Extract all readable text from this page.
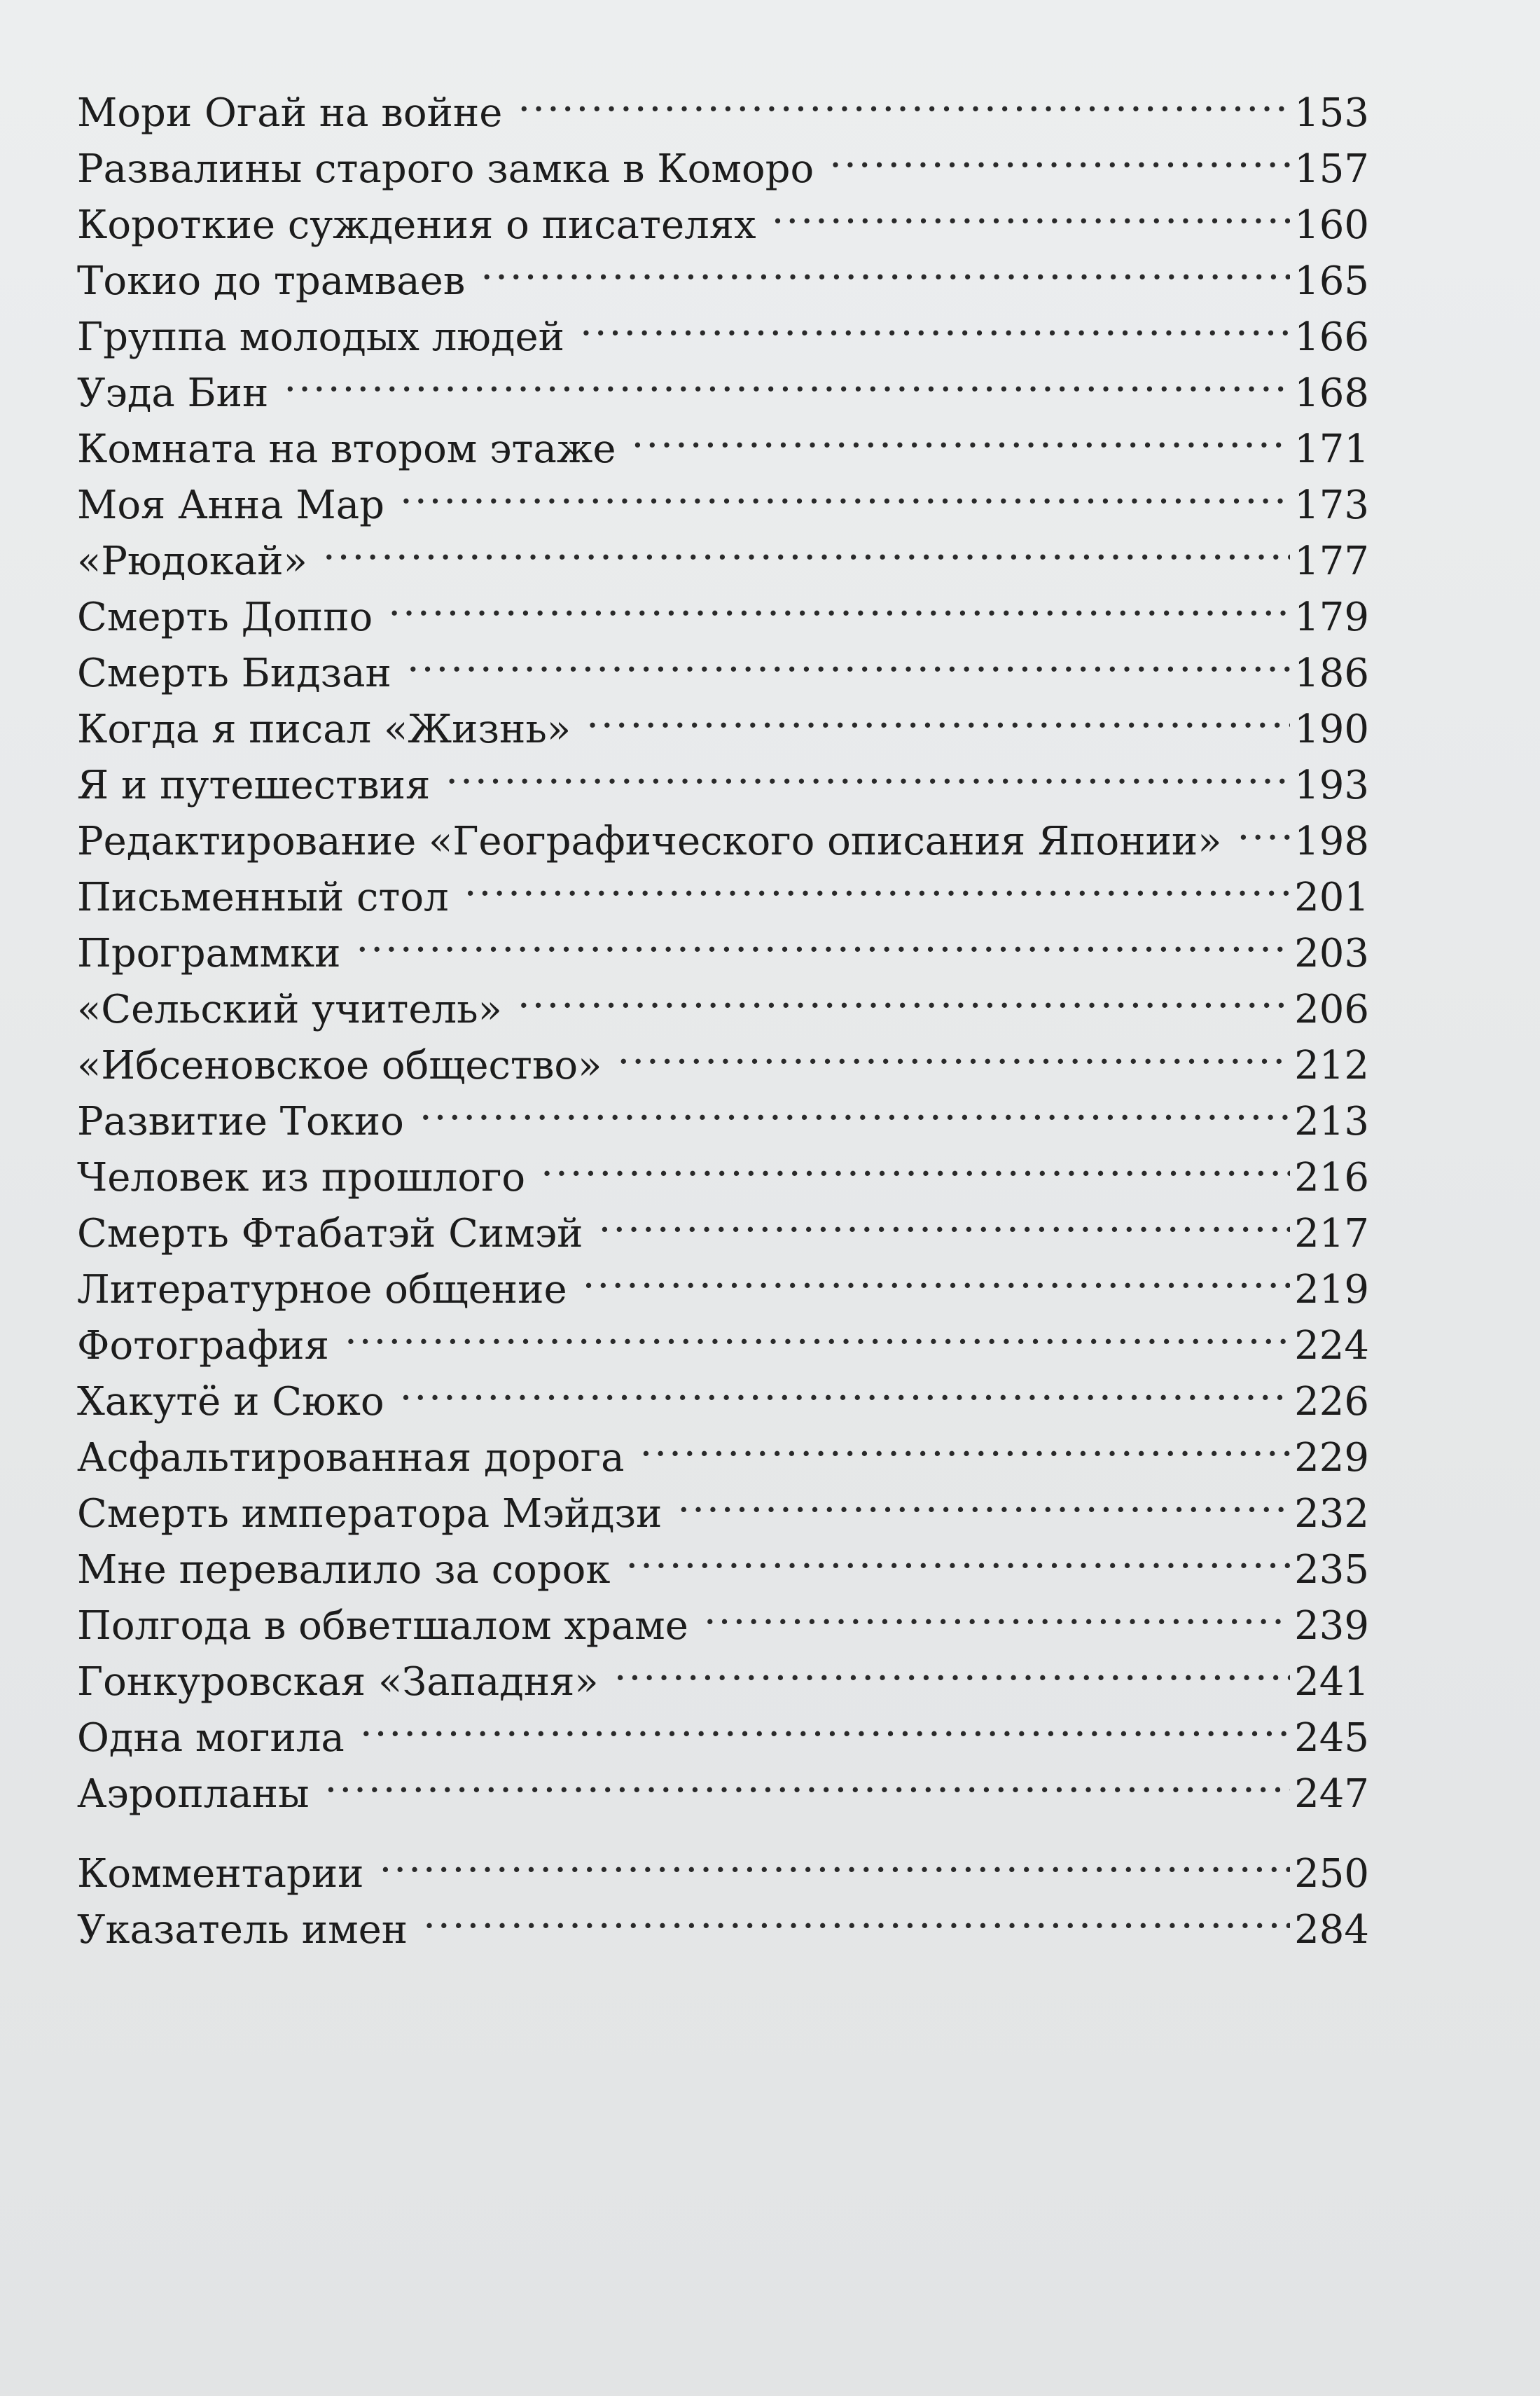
Мори Огай на войне .....	153
Развалины старого замка в Коморо .....	157
Короткие суждения о писателях .....	160
Токио до трамваев .....	165
Группа молодых людей .....	166
Уэда Бин .....	168
Комната на втором этаже .....	171
Моя Анна Мар .....	173
«Рюдокай» .....	177
Смерть Доппо .....	179
Смерть Бидзан .....	186
Когда я писал «Жизнь» .....	190
Я и путешествия .....	193
Редактирование «Географического описания Японии» ..... 198
Письменный стол .....	201
Программки .....	203
«Сельский учитель» .....	206
«Ибсеновское общество» .....	212
Развитие Токио .....	213
Человек из прошлого .....	216
Смерть Фтабатэй Симэй .....	217
Литературное общение .....	219
Фотография .....	224
Хакутё и Сюко .....	226
Асфальтированная дорога .....	229
Смерть императора Мэйдзи .....	232
Мне перевалило за сорок .....	235
Полгода в обветшалом храме .....	239
Гонкуровская «Западня» .....	241
Одна могила .....	245
Аэропланы .....	247
Комментарии .....	250
Указатель имен .....	284
